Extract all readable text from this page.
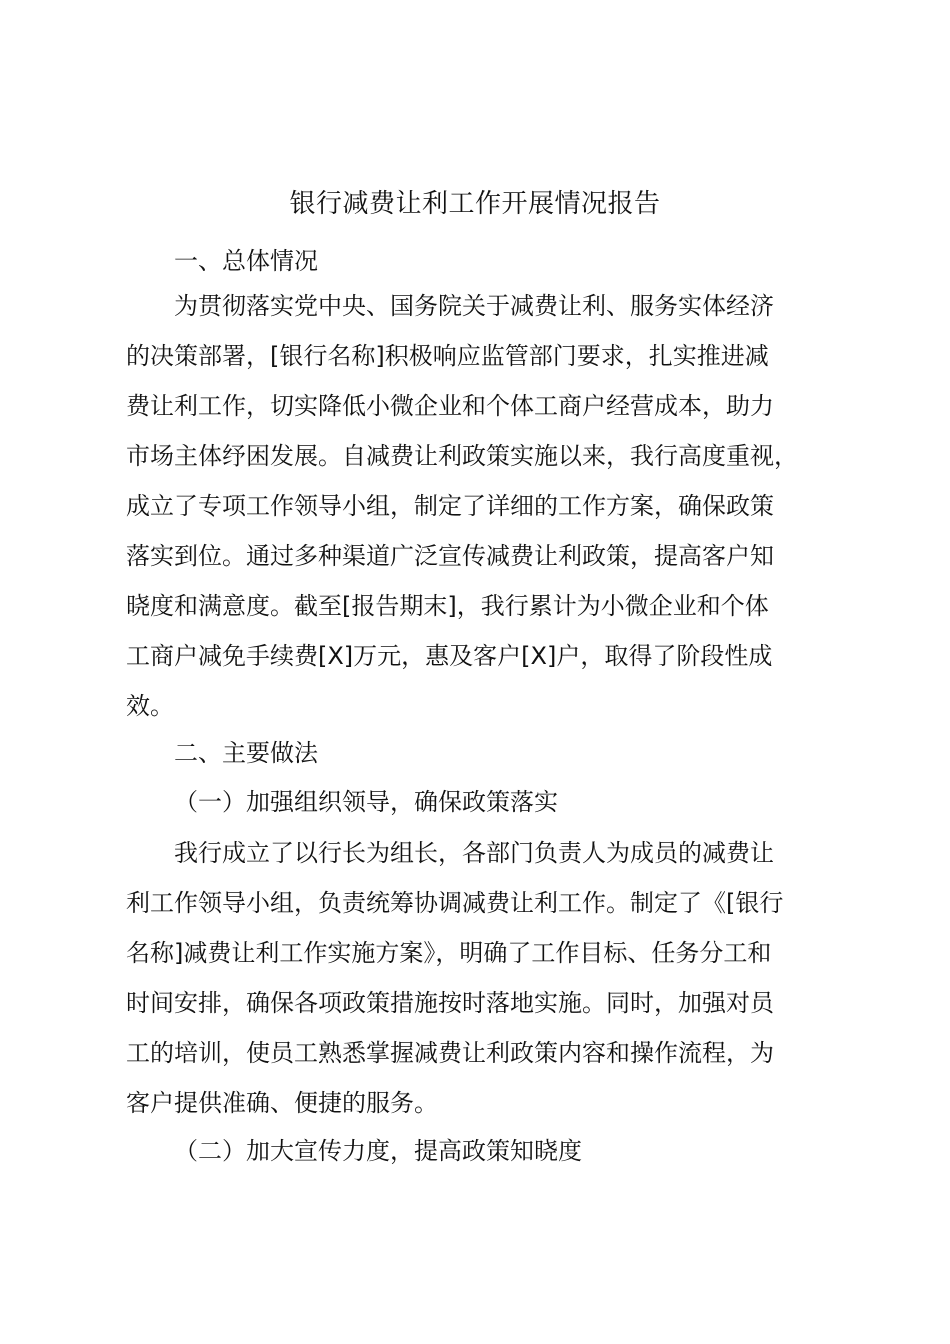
银行减费让利工作开展情况报告
一、总体情况
为贯彻落实党中央、国务院关于减费让利、服务实体经济
的决策部署，[银行名称]积极响应监管部门要求，扎实推进减
费让利工作，切实降低小微企业和个体工商户经营成本，助力
市场主体纾困发展。自减费让利政策实施以来，我行高度重视，
成立了专项工作领导小组，制定了详细的工作方案，确保政策
落实到位。通过多种渠道广泛宣传减费让利政策，提高客户知
晓度和满意度。截至[报告期末]，我行累计为小微企业和个体
工商户减免手续费[X]万元，惠及客户[X]户，取得了阶段性成
效。
二、主要做法
（一）加强组织领导，确保政策落实
我行成立了以行长为组长，各部门负责人为成员的减费让
利工作领导小组，负责统筹协调减费让利工作。制定了《[银行
名称]减费让利工作实施方案》，明确了工作目标、任务分工和
时间安排，确保各项政策措施按时落地实施。同时，加强对员
工的培训，使员工熟悉掌握减费让利政策内容和操作流程，为
客户提供准确、便捷的服务。
（二）加大宣传力度，提高政策知晓度
